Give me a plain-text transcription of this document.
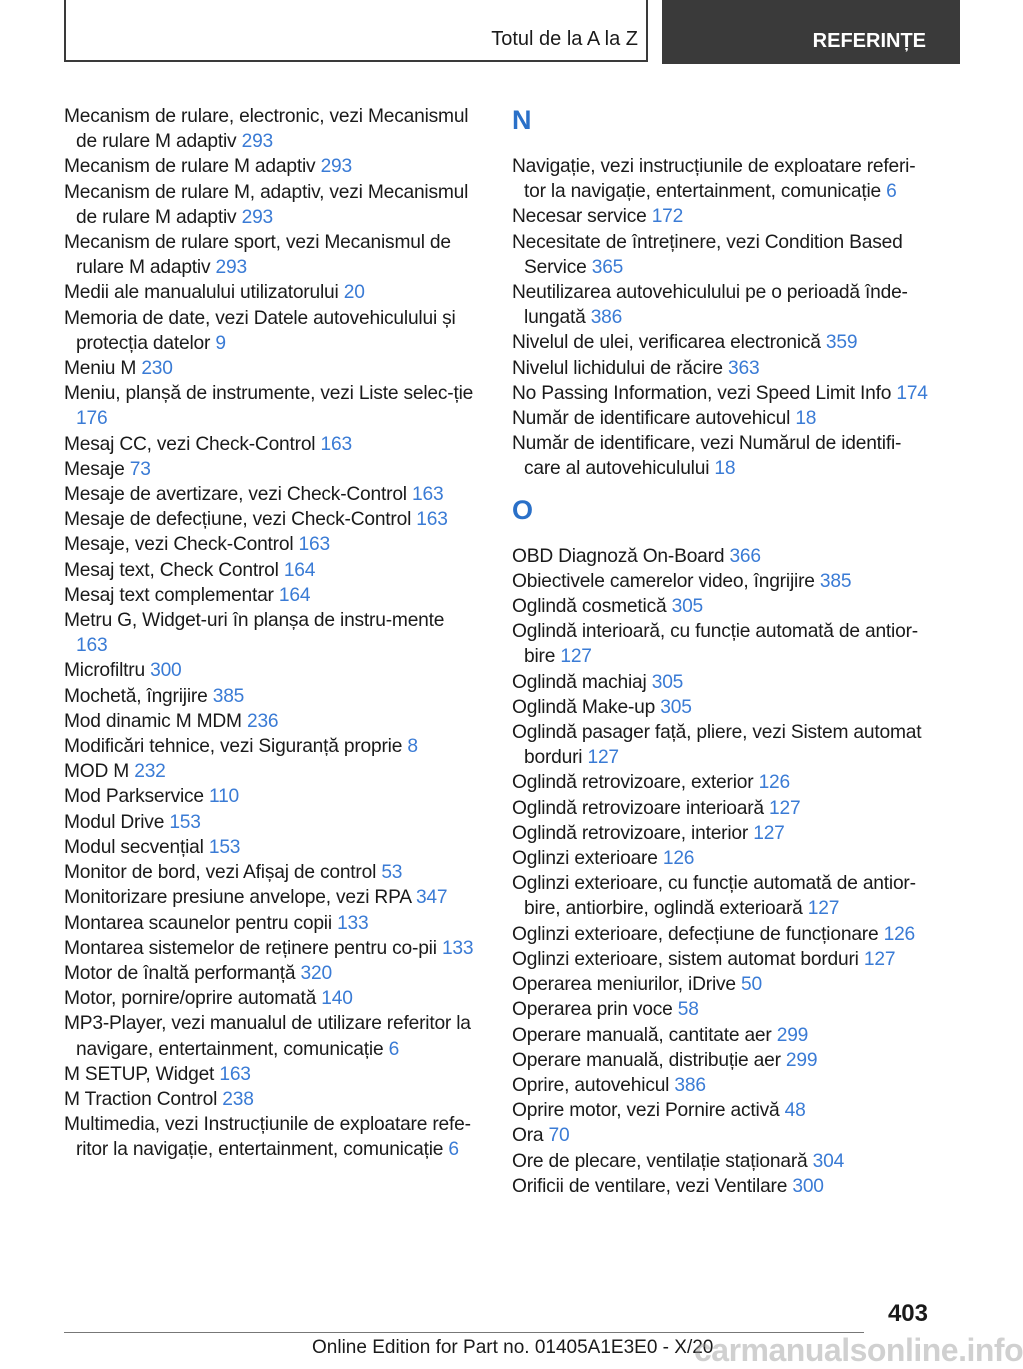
Totul de la A la Z	REFERINȚE
Mecanism de rulare, electronic, vezi Mecanismul de rulare M adaptiv 293
Mecanism de rulare M adaptiv 293
Mecanism de rulare M, adaptiv, vezi Mecanismul de rulare M adaptiv 293
Mecanism de rulare sport, vezi Mecanismul de rulare M adaptiv 293
Medii ale manualului utilizatorului 20
Memoria de date, vezi Datele autovehiculului și protecția datelor 9
Meniu M 230
Meniu, planșă de instrumente, vezi Liste selec-ție 176
Mesaj CC, vezi Check-Control 163
Mesaje 73
Mesaje de avertizare, vezi Check-Control 163
Mesaje de defecțiune, vezi Check-Control 163
Mesaje, vezi Check-Control 163
Mesaj text, Check Control 164
Mesaj text complementar 164
Metru G, Widget-uri în planșa de instru-mente 163
Microfiltru 300
Mochetă, îngrijire 385
Mod dinamic M MDM 236
Modificări tehnice, vezi Siguranță proprie 8
MOD M 232
Mod Parkservice 110
Modul Drive 153
Modul secvențial 153
Monitor de bord, vezi Afișaj de control 53
Monitorizare presiune anvelope, vezi RPA 347
Montarea scaunelor pentru copii 133
Montarea sistemelor de reținere pentru co-pii 133
Motor de înaltă performanță 320
Motor, pornire/oprire automată 140
MP3-Player, vezi manualul de utilizare referitor la navigare, entertainment, comunicație 6
M SETUP, Widget 163
M Traction Control 238
Multimedia, vezi Instrucțiunile de exploatare refe-ritor la navigație, entertainment, comunicație 6
N
Navigație, vezi instrucțiunile de exploatare referi-tor la navigație, entertainment, comunicație 6
Necesar service 172
Necesitate de întreținere, vezi Condition Based Service 365
Neutilizarea autovehiculului pe o perioadă înde-lungată 386
Nivelul de ulei, verificarea electronică 359
Nivelul lichidului de răcire 363
No Passing Information, vezi Speed Limit Info 174
Număr de identificare autovehicul 18
Număr de identificare, vezi Numărul de identifi-care al autovehiculului 18
O
OBD Diagnoză On-Board 366
Obiectivele camerelor video, îngrijire 385
Oglindă cosmetică 305
Oglindă interioară, cu funcție automată de antior-bire 127
Oglindă machiaj 305
Oglindă Make-up 305
Oglindă pasager față, pliere, vezi Sistem automat borduri 127
Oglindă retrovizoare, exterior 126
Oglindă retrovizoare interioară 127
Oglindă retrovizoare, interior 127
Oglinzi exterioare 126
Oglinzi exterioare, cu funcție automată de antior-bire, antiorbire, oglindă exterioară 127
Oglinzi exterioare, defecțiune de funcționare 126
Oglinzi exterioare, sistem automat borduri 127
Operarea meniurilor, iDrive 50
Operarea prin voce 58
Operare manuală, cantitate aer 299
Operare manuală, distribuție aer 299
Oprire, autovehicul 386
Oprire motor, vezi Pornire activă 48
Ora 70
Ore de plecare, ventilație staționară 304
Orificii de ventilare, vezi Ventilare 300
403
Online Edition for Part no. 01405A1E3E0 - X/20
carmanualsonline.info
